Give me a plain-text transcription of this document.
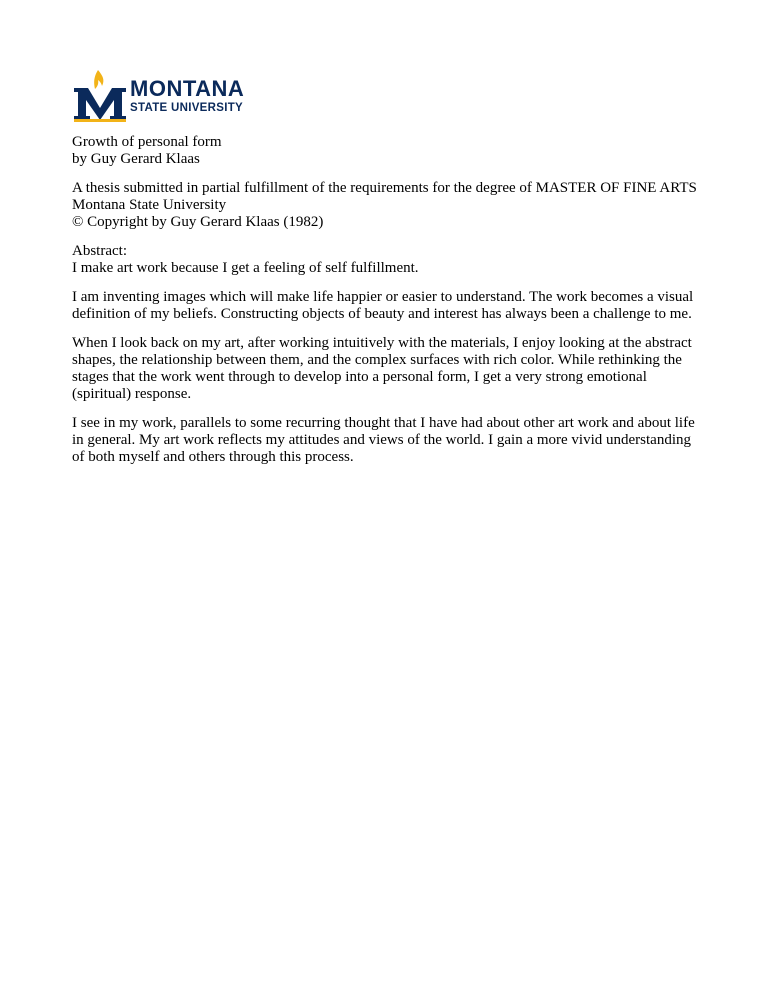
MONTANA
STATE UNIVERSITY

Growth of personal form
by Guy Gerard Klaas

A thesis submitted in partial fulfillment of the requirements for the degree of MASTER OF FINE ARTS
Montana State University
© Copyright by Guy Gerard Klaas (1982)

Abstract:
I make art work because I get a feeling of self fulfillment.

I am inventing images which will make life happier or easier to understand. The work becomes a visual definition of my beliefs. Constructing objects of beauty and interest has always been a challenge to me.

When I look back on my art, after working intuitively with the materials, I enjoy looking at the abstract shapes, the relationship between them, and the complex surfaces with rich color. While rethinking the stages that the work went through to develop into a personal form, I get a very strong emotional (spiritual) response.

I see in my work, parallels to some recurring thought that I have had about other art work and about life in general. My art work reflects my attitudes and views of the world. I gain a more vivid understanding of both myself and others through this process.
